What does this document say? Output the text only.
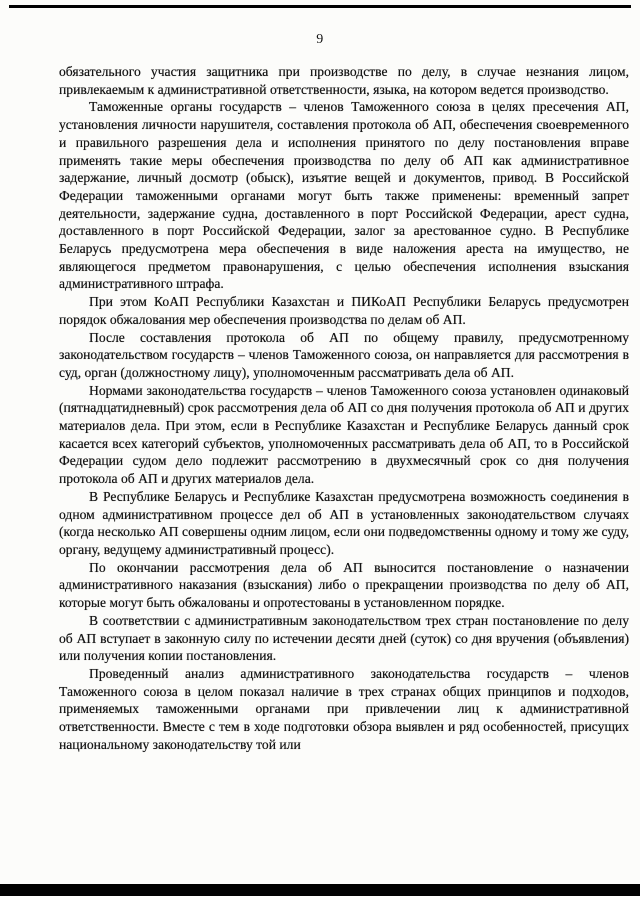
9

обязательного участия защитника при производстве по делу, в случае незнания лицом, привлекаемым к административной ответственности, языка, на котором ведется производство.

Таможенные органы государств – членов Таможенного союза в целях пресечения АП, установления личности нарушителя, составления протокола об АП, обеспечения своевременного и правильного разрешения дела и исполнения принятого по делу постановления вправе применять такие меры обеспечения производства по делу об АП как административное задержание, личный досмотр (обыск), изъятие вещей и документов, привод. В Российской Федерации таможенными органами могут быть также применены: временный запрет деятельности, задержание судна, доставленного в порт Российской Федерации, арест судна, доставленного в порт Российской Федерации, залог за арестованное судно. В Республике Беларусь предусмотрена мера обеспечения в виде наложения ареста на имущество, не являющегося предметом правонарушения, с целью обеспечения исполнения взыскания административного штрафа.

При этом КоАП Республики Казахстан и ПИКоАП Республики Беларусь предусмотрен порядок обжалования мер обеспечения производства по делам об АП.

После составления протокола об АП по общему правилу, предусмотренному законодательством государств – членов Таможенного союза, он направляется для рассмотрения в суд, орган (должностному лицу), уполномоченным рассматривать дела об АП.

Нормами законодательства государств – членов Таможенного союза установлен одинаковый (пятнадцатидневный) срок рассмотрения дела об АП со дня получения протокола об АП и других материалов дела. При этом, если в Республике Казахстан и Республике Беларусь данный срок касается всех категорий субъектов, уполномоченных рассматривать дела об АП, то в Российской Федерации судом дело подлежит рассмотрению в двухмесячный срок со дня получения протокола об АП и других материалов дела.

В Республике Беларусь и Республике Казахстан предусмотрена возможность соединения в одном административном процессе дел об АП в установленных законодательством случаях (когда несколько АП совершены одним лицом, если они подведомственны одному и тому же суду, органу, ведущему административный процесс).

По окончании рассмотрения дела об АП выносится постановление о назначении административного наказания (взыскания) либо о прекращении производства по делу об АП, которые могут быть обжалованы и опротестованы в установленном порядке.

В соответствии с административным законодательством трех стран постановление по делу об АП вступает в законную силу по истечении десяти дней (суток) со дня вручения (объявления) или получения копии постановления.

Проведенный анализ административного законодательства государств – членов Таможенного союза в целом показал наличие в трех странах общих принципов и подходов, применяемых таможенными органами при привлечении лиц к административной ответственности. Вместе с тем в ходе подготовки обзора выявлен и ряд особенностей, присущих национальному законодательству той или
